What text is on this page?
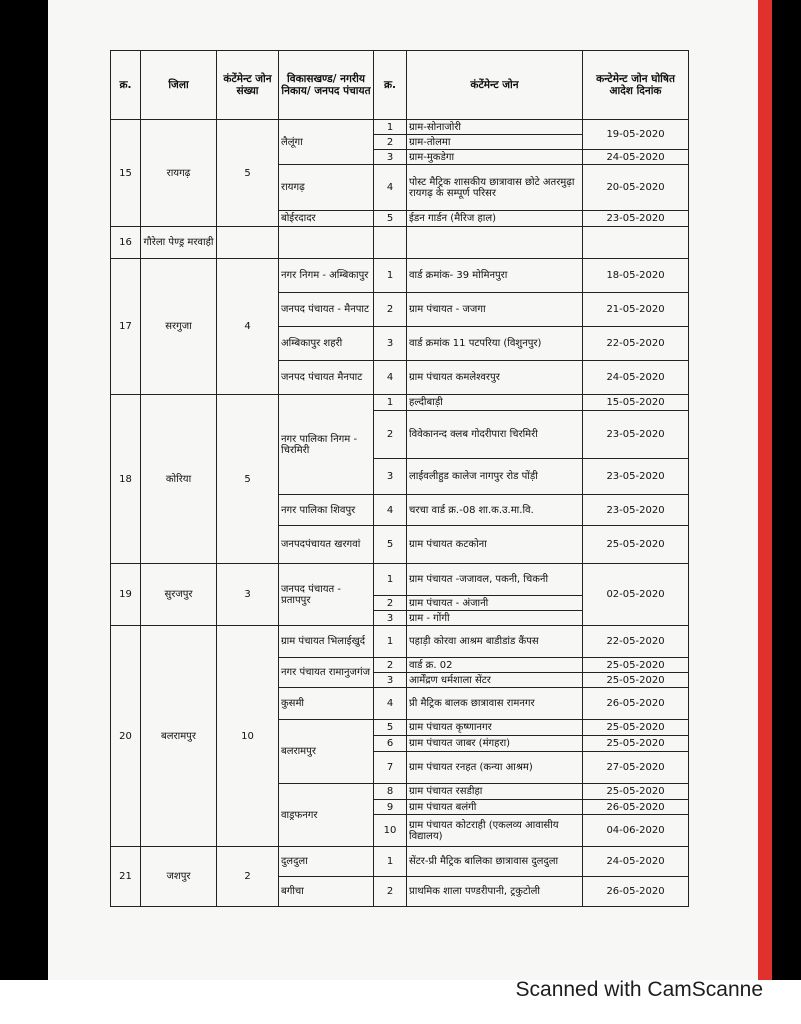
Scanned with CamScanne
क्र.	जिला	कंटेंमेन्ट जोन संख्या	विकासखण्ड/ नगरीय निकाय/ जनपद पंचायत	क्र.	कंटेंमेन्ट जोन	कन्टेमेन्ट जोन घोषित आदेश दिनांक
15	रायगढ़	5	लैलूंगा	1	ग्राम-सोनाजोरी	19-05-2020
				2	ग्राम-तोलमा	
				3	ग्राम-मुकडेगा	24-05-2020
			रायगढ़	4	पोस्ट मैट्रिक शासकीय छात्रावास छोटे अतरमुढ़ा रायगढ़ के सम्पूर्ण परिसर	20-05-2020
			बोईरदादर	5	ईडन गार्डन (मैरिज हाल)	23-05-2020
16	गौरेला पेण्ड्र मरवाही					
17	सरगुजा	4	नगर निगम - अम्बिकापुर	1	वार्ड क्रमांक- 39 मोमिनपुरा	18-05-2020
			जनपद पंचायत - मैनपाट	2	ग्राम पंचायत - जजगा	21-05-2020
			अम्बिकापुर शहरी	3	वार्ड क्रमांक 11 पटपरिया (विशुनपुर)	22-05-2020
			जनपद पंचायत मैनपाट	4	ग्राम पंचायत कमलेश्वरपुर	24-05-2020
18	कोरिया	5	नगर पालिका निगम - चिरमिरी	1	हल्दीबाड़ी	15-05-2020
				2	विवेकानन्द क्लब गोदरीपारा चिरमिरी	23-05-2020
				3	लाईवलीहुड कालेज नागपुर रोड पोंड़ी	23-05-2020
			नगर पालिका शिवपुर	4	चरचा वार्ड क्र.-08 शा.क.उ.मा.वि.	23-05-2020
			जनपदपंचायत खरगवां	5	ग्राम पंचायत कटकोना	25-05-2020
19	सुरजपुर	3	जनपद पंचायत - प्रतापपुर	1	ग्राम पंचायत -जजावल, पकनी, चिकनी	02-05-2020
				2	ग्राम पंचायत - अंजानी	
				3	ग्राम - गोंगी	
20	बलरामपुर	10	ग्राम पंचायत भिलाईखुर्द	1	पहाड़ी कोरवा आश्रम बाडीडांड कैंपस	22-05-2020
			नगर पंचायत रामानुजगंज	2	वार्ड क्र. 02	25-05-2020
				3	आर्मेंद्रण धर्मशाला सेंटर	25-05-2020
			कुसमी	4	प्री मैट्रिक बालक छात्रावास रामनगर	26-05-2020
			बलरामपुर	5	ग्राम पंचायत कृष्णानगर	25-05-2020
				6	ग्राम पंचायत जाबर (मंगहरा)	25-05-2020
				7	ग्राम पंचायत रनहत (कन्या आश्रम)	27-05-2020
			वाड्रफनगर	8	ग्राम पंचायत रसडीहा	25-05-2020
				9	ग्राम पंचायत बलंगी	26-05-2020
				10	ग्राम पंचायत कोटराही (एकलव्य आवासीय विद्यालय)	04-06-2020
21	जशपुर	2	दुलदुला	1	सेंटर-प्री मैट्रिक बालिका छात्रावास दुलदुला	24-05-2020
			बगीचा	2	प्राथमिक शाला पण्डरीपानी, ट्रकुटोली	26-05-2020
